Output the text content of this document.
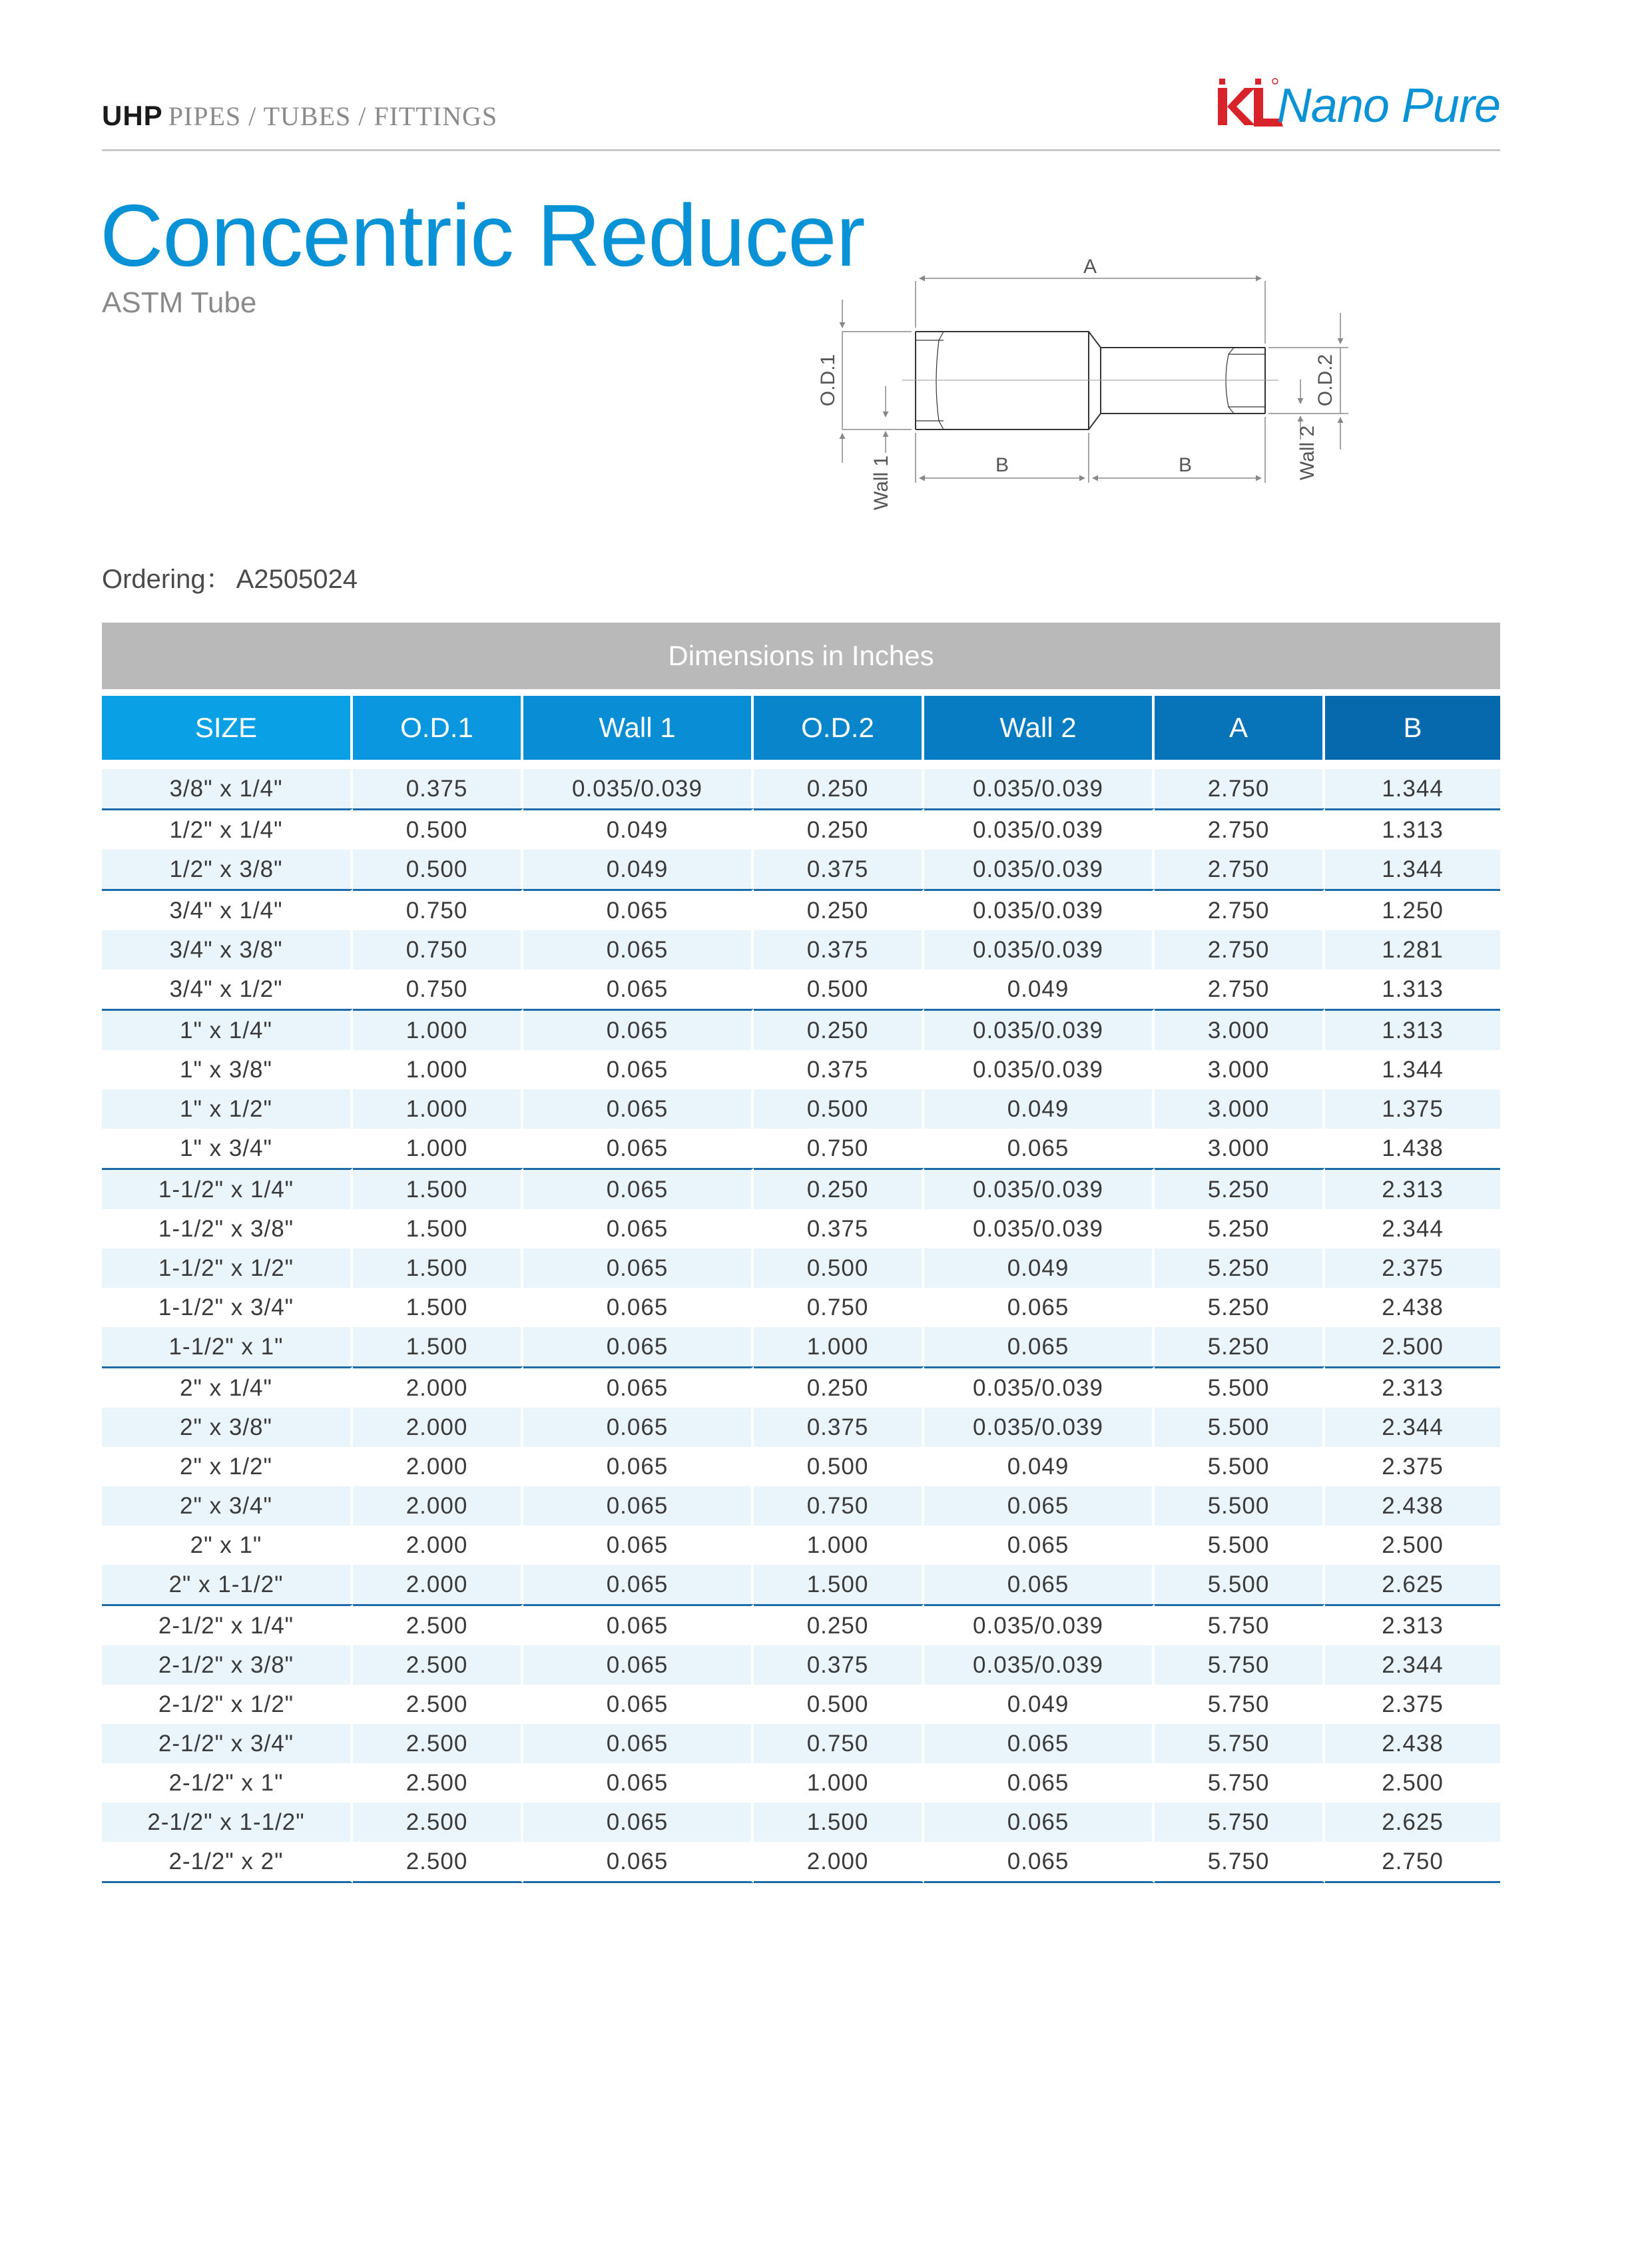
UHP PIPES / TUBES / FITTINGS	Nano Pure
Concentric Reducer
ASTM Tube
A
B	B
O.D.1	O.D.2
Wall 1
Wall 2
Ordering： A2505024
Dimensions in Inches
SIZE	O.D.1	Wall 1	O.D.2	Wall 2	A	B
3/8" x 1/4"	0.375	0.035/0.039	0.250	0.035/0.039	2.750	1.344
1/2" x 1/4"	0.500	0.049	0.250	0.035/0.039	2.750	1.313
1/2" x 3/8"	0.500	0.049	0.375	0.035/0.039	2.750	1.344
3/4" x 1/4"	0.750	0.065	0.250	0.035/0.039	2.750	1.250
3/4" x 3/8"	0.750	0.065	0.375	0.035/0.039	2.750	1.281
3/4" x 1/2"	0.750	0.065	0.500	0.049	2.750	1.313
1" x 1/4"	1.000	0.065	0.250	0.035/0.039	3.000	1.313
1" x 3/8"	1.000	0.065	0.375	0.035/0.039	3.000	1.344
1" x 1/2"	1.000	0.065	0.500	0.049	3.000	1.375
1" x 3/4"	1.000	0.065	0.750	0.065	3.000	1.438
1-1/2" x 1/4"	1.500	0.065	0.250	0.035/0.039	5.250	2.313
1-1/2" x 3/8"	1.500	0.065	0.375	0.035/0.039	5.250	2.344
1-1/2" x 1/2"	1.500	0.065	0.500	0.049	5.250	2.375
1-1/2" x 3/4"	1.500	0.065	0.750	0.065	5.250	2.438
1-1/2" x 1"	1.500	0.065	1.000	0.065	5.250	2.500
2" x 1/4"	2.000	0.065	0.250	0.035/0.039	5.500	2.313
2" x 3/8"	2.000	0.065	0.375	0.035/0.039	5.500	2.344
2" x 1/2"	2.000	0.065	0.500	0.049	5.500	2.375
2" x 3/4"	2.000	0.065	0.750	0.065	5.500	2.438
2" x 1"	2.000	0.065	1.000	0.065	5.500	2.500
2" x 1-1/2"	2.000	0.065	1.500	0.065	5.500	2.625
2-1/2" x 1/4"	2.500	0.065	0.250	0.035/0.039	5.750	2.313
2-1/2" x 3/8"	2.500	0.065	0.375	0.035/0.039	5.750	2.344
2-1/2" x 1/2"	2.500	0.065	0.500	0.049	5.750	2.375
2-1/2" x 3/4"	2.500	0.065	0.750	0.065	5.750	2.438
2-1/2" x 1"	2.500	0.065	1.000	0.065	5.750	2.500
2-1/2" x 1-1/2"	2.500	0.065	1.500	0.065	5.750	2.625
2-1/2" x 2"	2.500	0.065	2.000	0.065	5.750	2.750
